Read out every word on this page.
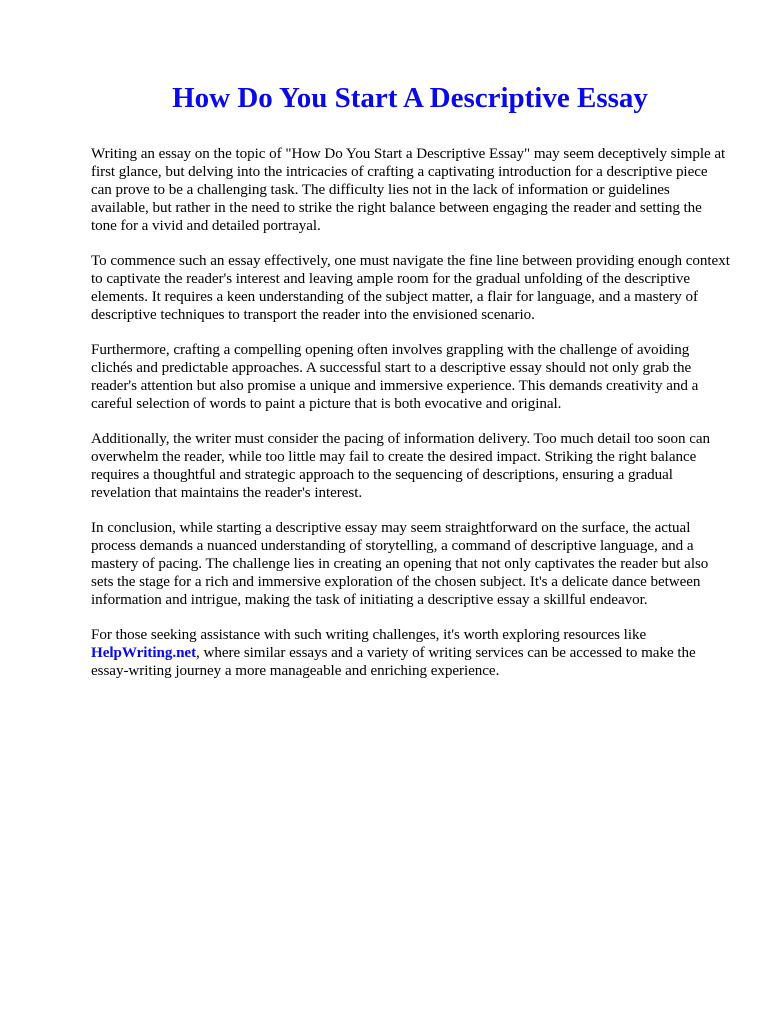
How Do You Start A Descriptive Essay

Writing an essay on the topic of "How Do You Start a Descriptive Essay" may seem deceptively simple at first glance, but delving into the intricacies of crafting a captivating introduction for a descriptive piece can prove to be a challenging task. The difficulty lies not in the lack of information or guidelines available, but rather in the need to strike the right balance between engaging the reader and setting the tone for a vivid and detailed portrayal.

To commence such an essay effectively, one must navigate the fine line between providing enough context to captivate the reader's interest and leaving ample room for the gradual unfolding of the descriptive elements. It requires a keen understanding of the subject matter, a flair for language, and a mastery of descriptive techniques to transport the reader into the envisioned scenario.

Furthermore, crafting a compelling opening often involves grappling with the challenge of avoiding clichés and predictable approaches. A successful start to a descriptive essay should not only grab the reader's attention but also promise a unique and immersive experience. This demands creativity and a careful selection of words to paint a picture that is both evocative and original.

Additionally, the writer must consider the pacing of information delivery. Too much detail too soon can overwhelm the reader, while too little may fail to create the desired impact. Striking the right balance requires a thoughtful and strategic approach to the sequencing of descriptions, ensuring a gradual revelation that maintains the reader's interest.

In conclusion, while starting a descriptive essay may seem straightforward on the surface, the actual process demands a nuanced understanding of storytelling, a command of descriptive language, and a mastery of pacing. The challenge lies in creating an opening that not only captivates the reader but also sets the stage for a rich and immersive exploration of the chosen subject. It's a delicate dance between information and intrigue, making the task of initiating a descriptive essay a skillful endeavor.

For those seeking assistance with such writing challenges, it's worth exploring resources like HelpWriting.net, where similar essays and a variety of writing services can be accessed to make the essay-writing journey a more manageable and enriching experience.
